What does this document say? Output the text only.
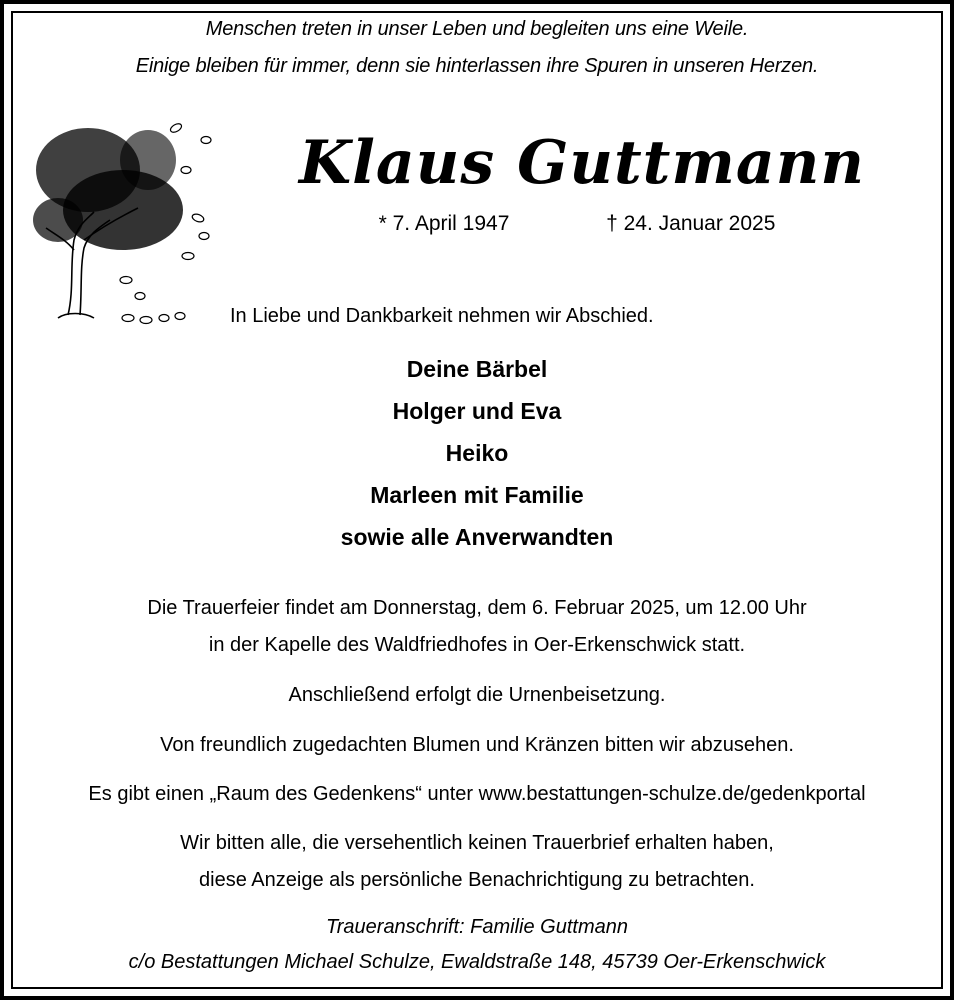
Menschen treten in unser Leben und begleiten uns eine Weile.
Einige bleiben für immer, denn sie hinterlassen ihre Spuren in unseren Herzen.
Klaus Guttmann
* 7. April 1947	† 24. Januar 2025
In Liebe und Dankbarkeit nehmen wir Abschied.
Deine Bärbel
Holger und Eva
Heiko
Marleen mit Familie
sowie alle Anverwandten
Die Trauerfeier findet am Donnerstag, dem 6. Februar 2025, um 12.00 Uhr
in der Kapelle des Waldfriedhofes in Oer-Erkenschwick statt.
Anschließend erfolgt die Urnenbeisetzung.
Von freundlich zugedachten Blumen und Kränzen bitten wir abzusehen.
Es gibt einen „Raum des Gedenkens“ unter www.bestattungen-schulze.de/gedenkportal
Wir bitten alle, die versehentlich keinen Trauerbrief erhalten haben,
diese Anzeige als persönliche Benachrichtigung zu betrachten.
Traueranschrift: Familie Guttmann
c/o Bestattungen Michael Schulze, Ewaldstraße 148, 45739 Oer-Erkenschwick
